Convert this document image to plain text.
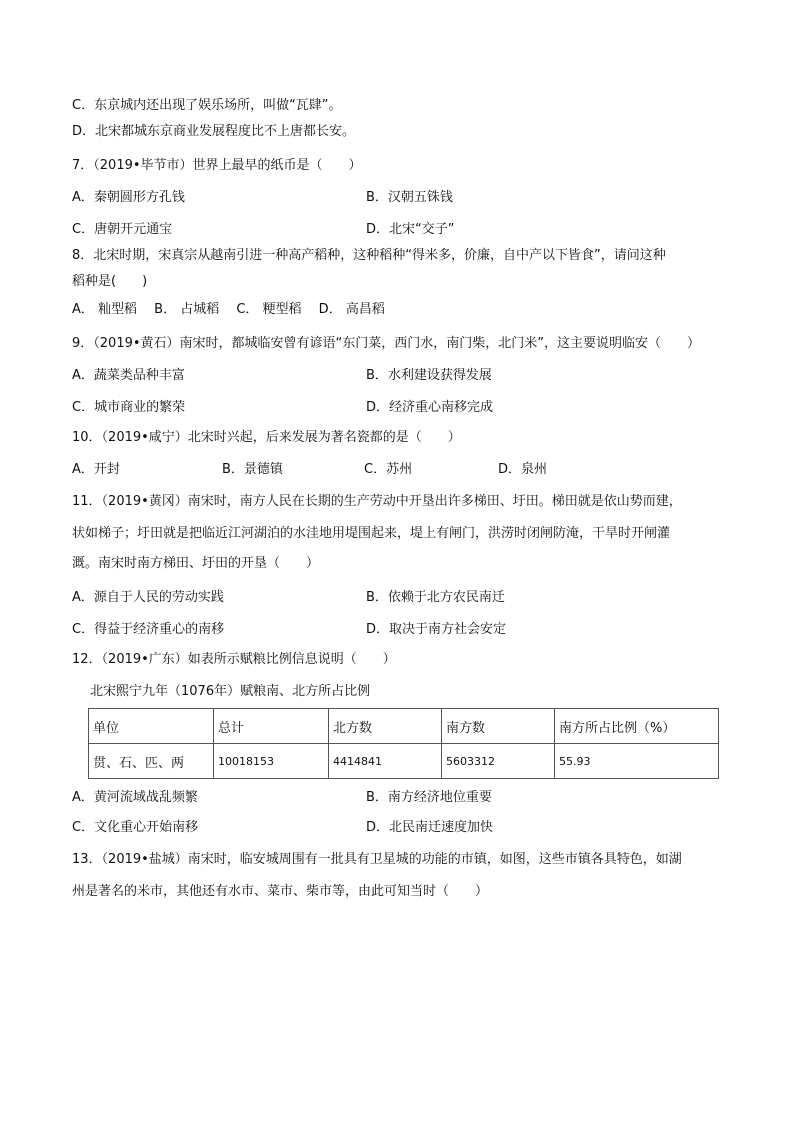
C．东京城内还出现了娱乐场所，叫做“瓦肆”。
D．北宋都城东京商业发展程度比不上唐都长安。
7．（2019•毕节市）世界上最早的纸币是（　　）
A．秦朝圆形方孔钱	B．汉朝五铢钱
C．唐朝开元通宝	D．北宋“交子”
8．北宋时期，宋真宗从越南引进一种高产稻种，这种稻种“得米多，价廉，自中产以下皆食”，请问这种
稻种是(　　)
A． 籼型稻　 B． 占城稻　 C． 粳型稻　 D． 高昌稻
9．（2019•黄石）南宋时，都城临安曾有谚语“东门菜，西门水，南门柴，北门米”，这主要说明临安（　　）
A．蔬菜类品种丰富	B．水利建设获得发展
C．城市商业的繁荣	D．经济重心南移完成
10．（2019•咸宁）北宋时兴起，后来发展为著名瓷都的是（　　）
A．开封	B．景德镇	C．苏州	D．泉州
11．（2019•黄冈）南宋时，南方人民在长期的生产劳动中开垦出许多梯田、圩田。梯田就是依山势而建，
状如梯子；圩田就是把临近江河湖泊的水洼地用堤围起来，堤上有闸门，洪涝时闭闸防淹，干旱时开闸灌
溉。南宋时南方梯田、圩田的开垦（　　）
A．源自于人民的劳动实践	B．依赖于北方农民南迁
C．得益于经济重心的南移	D．取决于南方社会安定
12．（2019•广东）如表所示赋粮比例信息说明（　　）
北宋熙宁九年（1076年）赋粮南、北方所占比例
单位	总计	北方数	南方数	南方所占比例（%）
贯、石、匹、两	10018153	4414841	5603312	55.93
A．黄河流域战乱频繁	B．南方经济地位重要
C．文化重心开始南移	D．北民南迁速度加快
13．（2019•盐城）南宋时，临安城周围有一批具有卫星城的功能的市镇，如图，这些市镇各具特色，如湖
州是著名的米市，其他还有水市、菜市、柴市等，由此可知当时（　　）
